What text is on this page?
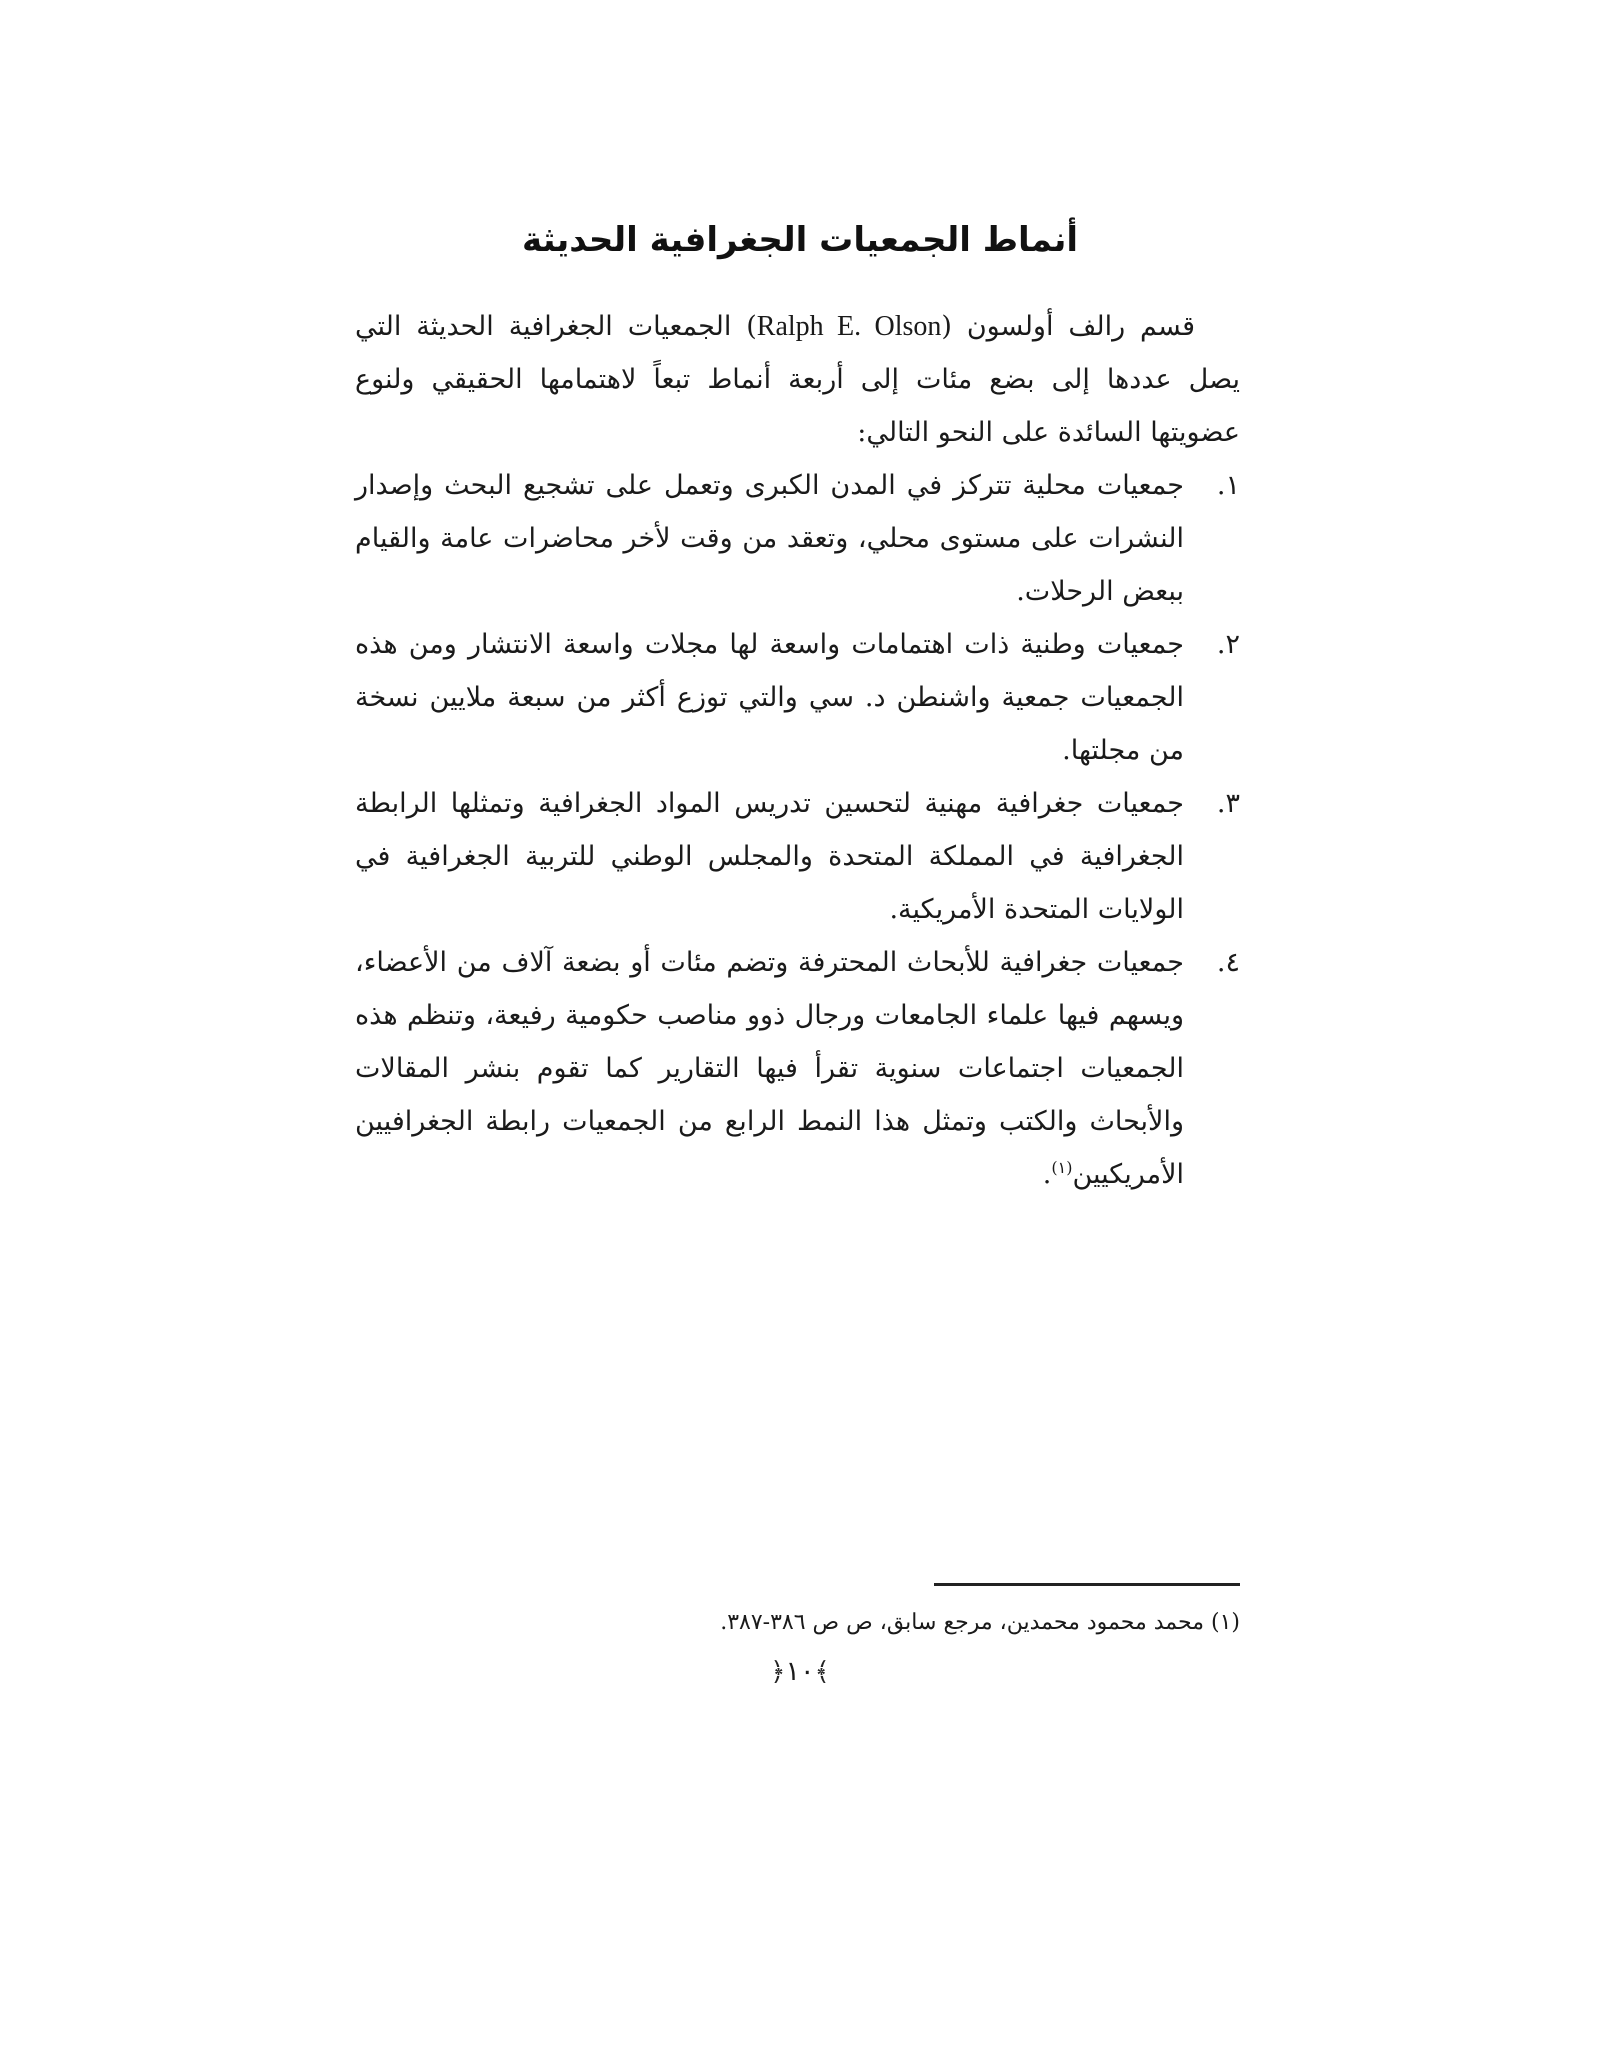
أنماط الجمعيات الجغرافية الحديثة

قسم رالف أولسون (Ralph E. Olson) الجمعيات الجغرافية الحديثة التي يصل عددها إلى بضع مئات إلى أربعة أنماط تبعاً لاهتمامها الحقيقي ولنوع عضويتها السائدة على النحو التالي:

١.
جمعيات محلية تتركز في المدن الكبرى وتعمل على تشجيع البحث وإصدار النشرات على مستوى محلي، وتعقد من وقت لأخر محاضرات عامة والقيام ببعض الرحلات.
٢.
جمعيات وطنية ذات اهتمامات واسعة لها مجلات واسعة الانتشار ومن هذه الجمعيات جمعية واشنطن د. سي والتي توزع أكثر من سبعة ملايين نسخة من مجلتها.
٣.
جمعيات جغرافية مهنية لتحسين تدريس المواد الجغرافية وتمثلها الرابطة الجغرافية في المملكة المتحدة والمجلس الوطني للتربية الجغرافية في الولايات المتحدة الأمريكية.
٤.
جمعيات جغرافية للأبحاث المحترفة وتضم مئات أو بضعة آلاف من الأعضاء، ويسهم فيها علماء الجامعات ورجال ذوو مناصب حكومية رفيعة، وتنظم هذه الجمعيات اجتماعات سنوية تقرأ فيها التقارير كما تقوم بنشر المقالات والأبحاث والكتب وتمثل هذا النمط الرابع من الجمعيات رابطة الجغرافيين الأمريكيين$^{(١)}$.
(١) محمد محمود محمدين، مرجع سابق، ص ص ٣٨٦-٣٨٧.
﴾١٠﴿
